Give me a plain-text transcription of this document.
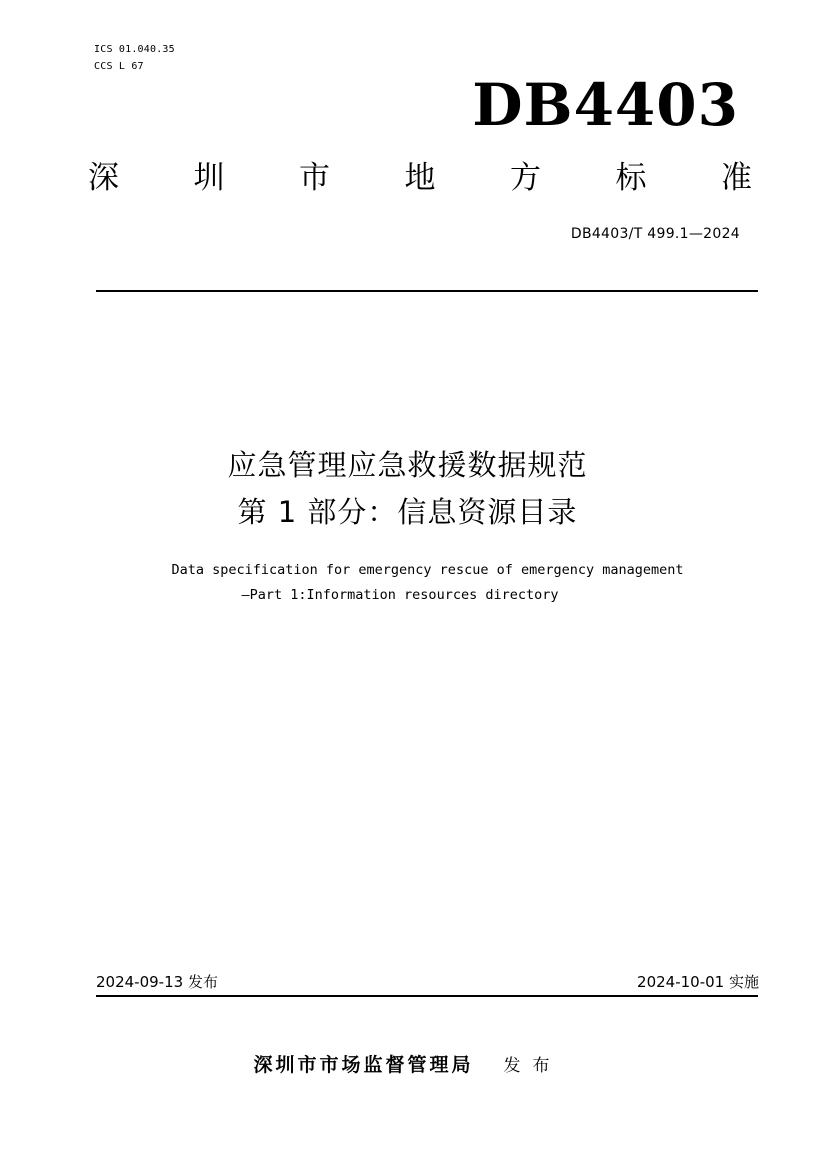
ICS 01.040.35
CCS L 67
DB4403
深 圳 市 地 方 标 准
DB4403/T 499.1—2024
应急管理应急救援数据规范
第 1 部分：信息资源目录
Data specification for emergency rescue of emergency management
—Part 1:Information resources directory
2024-09-13 发布	2024-10-01 实施
深圳市市场监督管理局 发布
